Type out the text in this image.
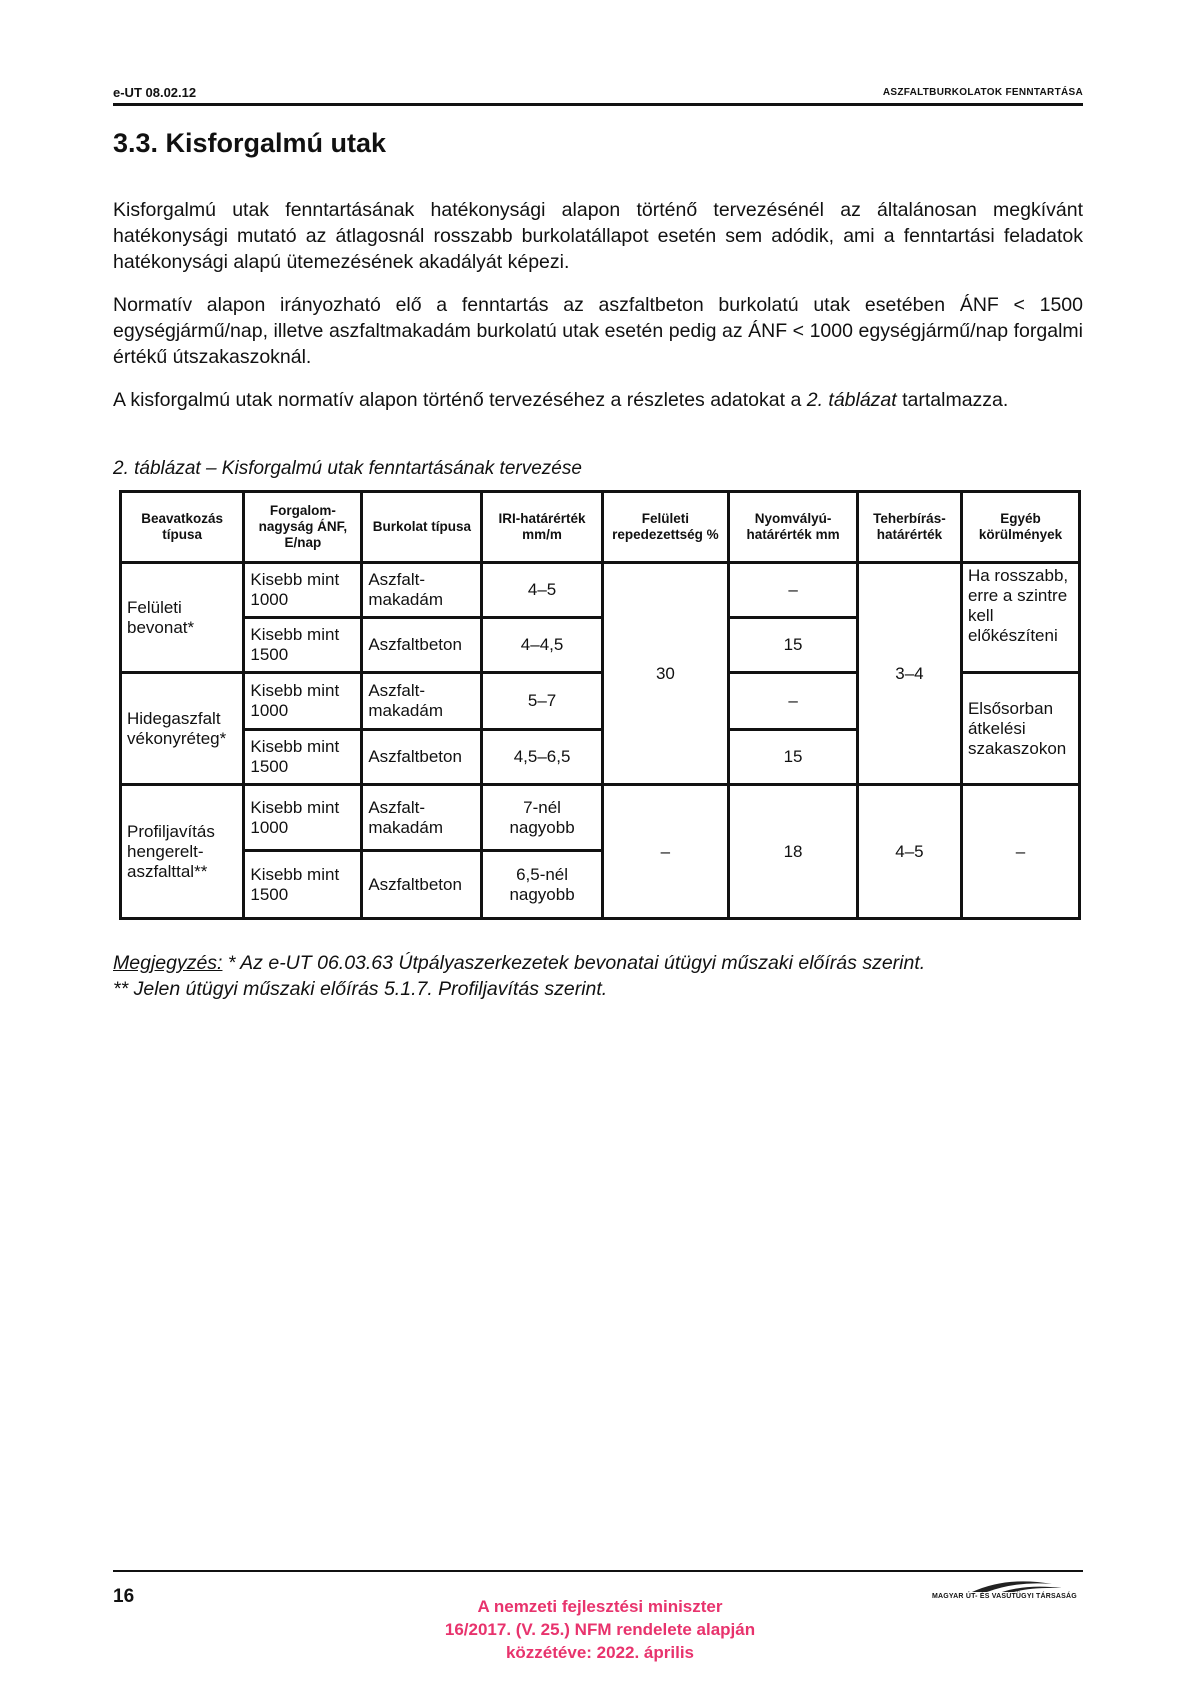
e-UT 08.02.12	ASZFALTBURKOLATOK FENNTARTÁSA
3.3. Kisforgalmú utak

Kisforgalmú utak fenntartásának hatékonysági alapon történő tervezésénél az általánosan megkívánt hatékonysági mutató az átlagosnál rosszabb burkolatállapot esetén sem adódik, ami a fenntartási feladatok hatékonysági alapú ütemezésének akadályát képezi.

Normatív alapon irányozható elő a fenntartás az aszfaltbeton burkolatú utak esetében ÁNF < 1500 egységjármű/nap, illetve aszfaltmakadám burkolatú utak esetén pedig az ÁNF < 1000 egységjármű/nap forgalmi értékű útszakaszoknál.

A kisforgalmú utak normatív alapon történő tervezéséhez a részletes adatokat a 2. táblázat tartalmazza.

2. táblázat – Kisforgalmú utak fenntartásának tervezése

Beavatkozás típusa	Forgalom-nagyság ÁNF, E/nap	Burkolat típusa	IRI-határérték mm/m	Felületi repedezettség %	Nyomvályú-határérték mm	Teherbírás-határérték	Egyéb körülmények
Felületi bevonat*	Kisebb mint 1000	Aszfalt-makadám	4–5	30	–	3–4	Ha rosszabb, erre a szintre kell előkészíteni
	Kisebb mint 1500	Aszfaltbeton	4–4,5		15		
Hidegaszfalt vékonyréteg*	Kisebb mint 1000	Aszfalt-makadám	5–7		–		Elsősorban átkelési szakaszokon
	Kisebb mint 1500	Aszfaltbeton	4,5–6,5		15		
Profiljavítás hengerelt-aszfalttal**	Kisebb mint 1000	Aszfalt-makadám	7-nél nagyobb	–	18	4–5	–
	Kisebb mint 1500	Aszfaltbeton	6,5-nél nagyobb				
Megjegyzés: * Az e-UT 06.03.63 Útpályaszerkezetek bevonatai útügyi műszaki előírás szerint.
** Jelen útügyi műszaki előírás 5.1.7. Profiljavítás szerint.
16	A nemzeti fejlesztési miniszter
16/2017. (V. 25.) NFM rendelete alapján
közzétéve: 2022. április
MAGYAR ÚT- ÉS VASÚTÜGYI TÁRSASÁG
